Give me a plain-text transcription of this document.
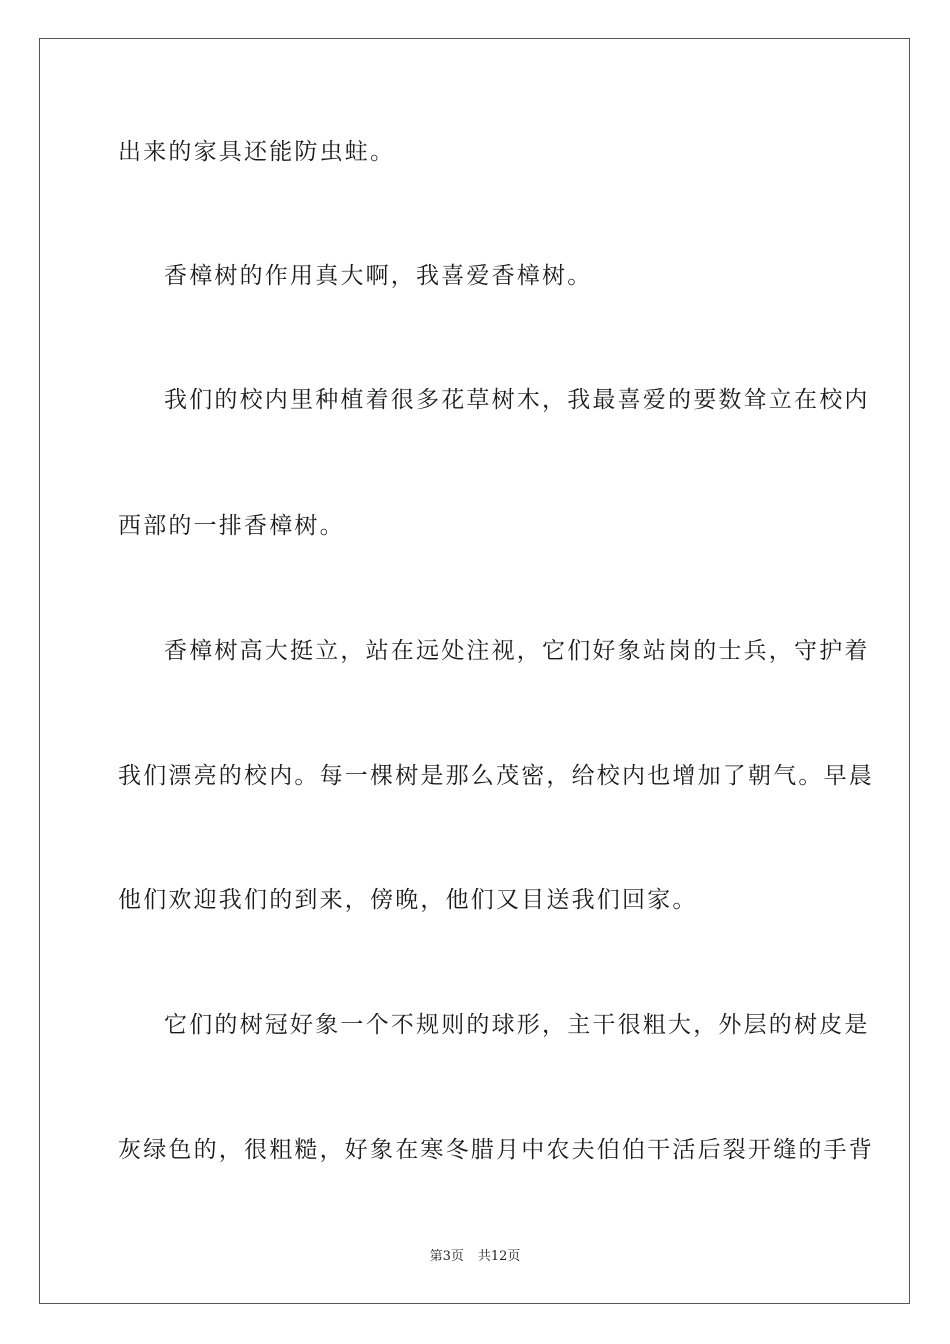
出来的家具还能防虫蛀。
香樟树的作用真大啊，我喜爱香樟树。
我们的校内里种植着很多花草树木，我最喜爱的要数耸立在校内
西部的一排香樟树。
香樟树高大挺立，站在远处注视，它们好象站岗的士兵，守护着
我们漂亮的校内。每一棵树是那么茂密，给校内也增加了朝气。早晨
他们欢迎我们的到来，傍晚，他们又目送我们回家。
它们的树冠好象一个不规则的球形，主干很粗大，外层的树皮是
灰绿色的，很粗糙，好象在寒冬腊月中农夫伯伯干活后裂开缝的手背
第3页 共12页
